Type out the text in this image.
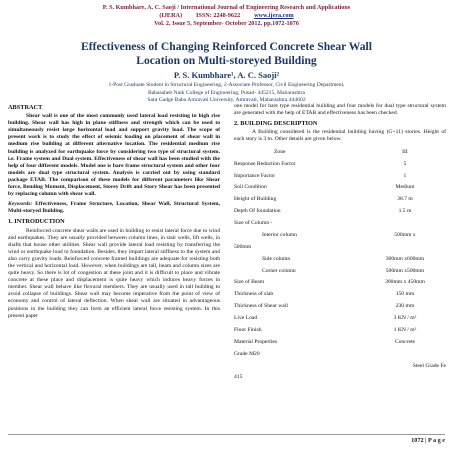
P. S. Kumbhare, A. C. Saoji / International Journal of Engineering Research and Applications
(IJERA) ISSN: 2248-9622 www.ijera.com
Vol. 2, Issue 5, September- October 2012, pp.1072-1076
Effectiveness of Changing Reinforced Concrete Shear Wall
Location on Multi-storeyed Building
P. S. Kumbhare¹, A. C. Saoji²
1-Post Graduate Student in Structural Engineering, 2-Associate Professor, Civil Engineering Department,
Babasaheb Naik College of Engineering, Pusad- 445215, Maharashtra
Sant Gadge Baba Amravati University, Amravati, Maharashtra 444602
ABSTRACT

Shear wall is one of the most commonly used lateral load resisting in high rise building. Shear wall has high in plane stiffness and strength which can be used to simultaneously resist large horizontal load and support gravity load. The scope of present work is to study the effect of seismic loading on placement of shear wall in medium rise building at different alternative location. The residential medium rise building is analyzed for earthquake force by considering two type of structural system. i.e. Frame system and Dual system. Effectiveness of shear wall has been studied with the help of four different models. Model one is bare frame structural system and other four models are dual type structural system. Analysis is carried out by using standard package ETAB. The comparison of these models for different parameters like Shear force, Bending Moment, Displacement, Storey Drift and Story Shear has been presented by replacing column with shear wall.

Keywords: Effectiveness, Frame Structure, Location, Shear Wall, Structural System, Multi-storyed Building.

1. INTRODUCTION

Reinforced concrete shear walls are used in building to resist lateral force due to wind and earthquakes. They are usually provided between column lines, in stair wells, lift wells, in shafts that house other utilities. Shear wall provide lateral load resisting by transferring the wind or earthquake load to foundation. Besides, they impart lateral stiffness to the system and also carry gravity loads. Reinforced concrete framed buildings are adequate for resisting both the vertical and horizontal load. However, when buildings are tall, beam and column sizes are quite heavy. So there is lot of congestion at these joint and it is difficult to place and vibrate concrete at these place and displacement is quite heavy which induces heavy forces in member. Shear wall behave like flexural members. They are usually used in tall building to avoid collapse of buildings. Shear wall may become imperative from the point of view of economy and control of lateral deflection. When shear wall are situated in advantageous positions in the building they can form an efficient lateral force resisting system. In this present paper

one model for bare type residential building and four models for dual type structural system are generated with the help of ETAB and effectiveness has been checked.

2. BUILDING DESCRIPTION

A Building considered is the residential building having (G+11) stories. Height of each story is 3 m. Other details are given below.

Zone	III
Response Reduction Factor	5
Importance Factor	1
Soil Condition	Medium
Height of Building	38.7 m
Depth Of foundation	1.5 m
Size of Column -	
Interior column	500mm x
500mm	
Side column	300mm x600mm
Corner column	500mm x500mm
Size of Beam	300mm x 450mm
Thickness of slab	150 mm
Thickness of Shear wall	230 mm
Live Load	3 KN / m²
Floor Finish	1 KN / m²
Material Properties	Concrete
Grade M20	
	Steel Grade Fe
415	
1072 | P a g e
